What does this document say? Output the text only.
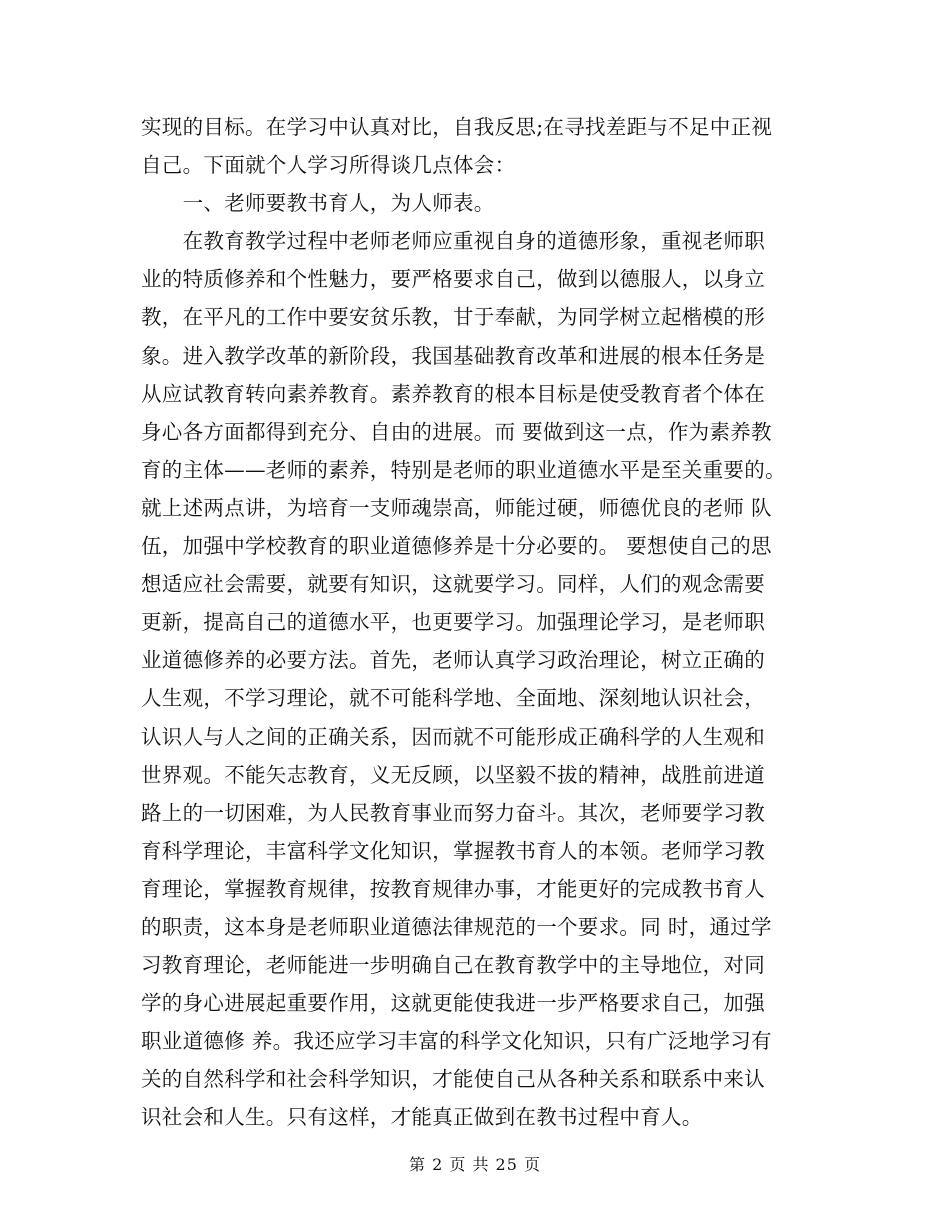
实现的目标。在学习中认真对比，自我反思;在寻找差距与不足中正视
自己。下面就个人学习所得谈几点体会：
　　一、老师要教书育人，为人师表。
　　在教育教学过程中老师老师应重视自身的道德形象，重视老师职
业的特质修养和个性魅力，要严格要求自己，做到以德服人，以身立
教，在平凡的工作中要安贫乐教，甘于奉献，为同学树立起楷模的形
象。进入教学改革的新阶段，我国基础教育改革和进展的根本任务是
从应试教育转向素养教育。素养教育的根本目标是使受教育者个体在
身心各方面都得到充分、自由的进展。而 要做到这一点，作为素养教
育的主体——老师的素养，特别是老师的职业道德水平是至关重要的。
就上述两点讲，为培育一支师魂崇高，师能过硬，师德优良的老师 队
伍，加强中学校教育的职业道德修养是十分必要的。 要想使自己的思
想适应社会需要，就要有知识，这就要学习。同样，人们的观念需要
更新，提高自己的道德水平，也更要学习。加强理论学习，是老师职
业道德修养的必要方法。首先，老师认真学习政治理论，树立正确的
人生观，不学习理论，就不可能科学地、全面地、深刻地认识社会，
认识人与人之间的正确关系，因而就不可能形成正确科学的人生观和
世界观。不能矢志教育，义无反顾，以坚毅不拔的精神，战胜前进道
路上的一切困难，为人民教育事业而努力奋斗。其次，老师要学习教
育科学理论，丰富科学文化知识，掌握教书育人的本领。老师学习教
育理论，掌握教育规律，按教育规律办事，才能更好的完成教书育人
的职责，这本身是老师职业道德法律规范的一个要求。同 时，通过学
习教育理论，老师能进一步明确自己在教育教学中的主导地位，对同
学的身心进展起重要作用，这就更能使我进一步严格要求自己，加强
职业道德修 养。我还应学习丰富的科学文化知识，只有广泛地学习有
关的自然科学和社会科学知识，才能使自己从各种关系和联系中来认
识社会和人生。只有这样，才能真正做到在教书过程中育人。
第 2 页 共 25 页
